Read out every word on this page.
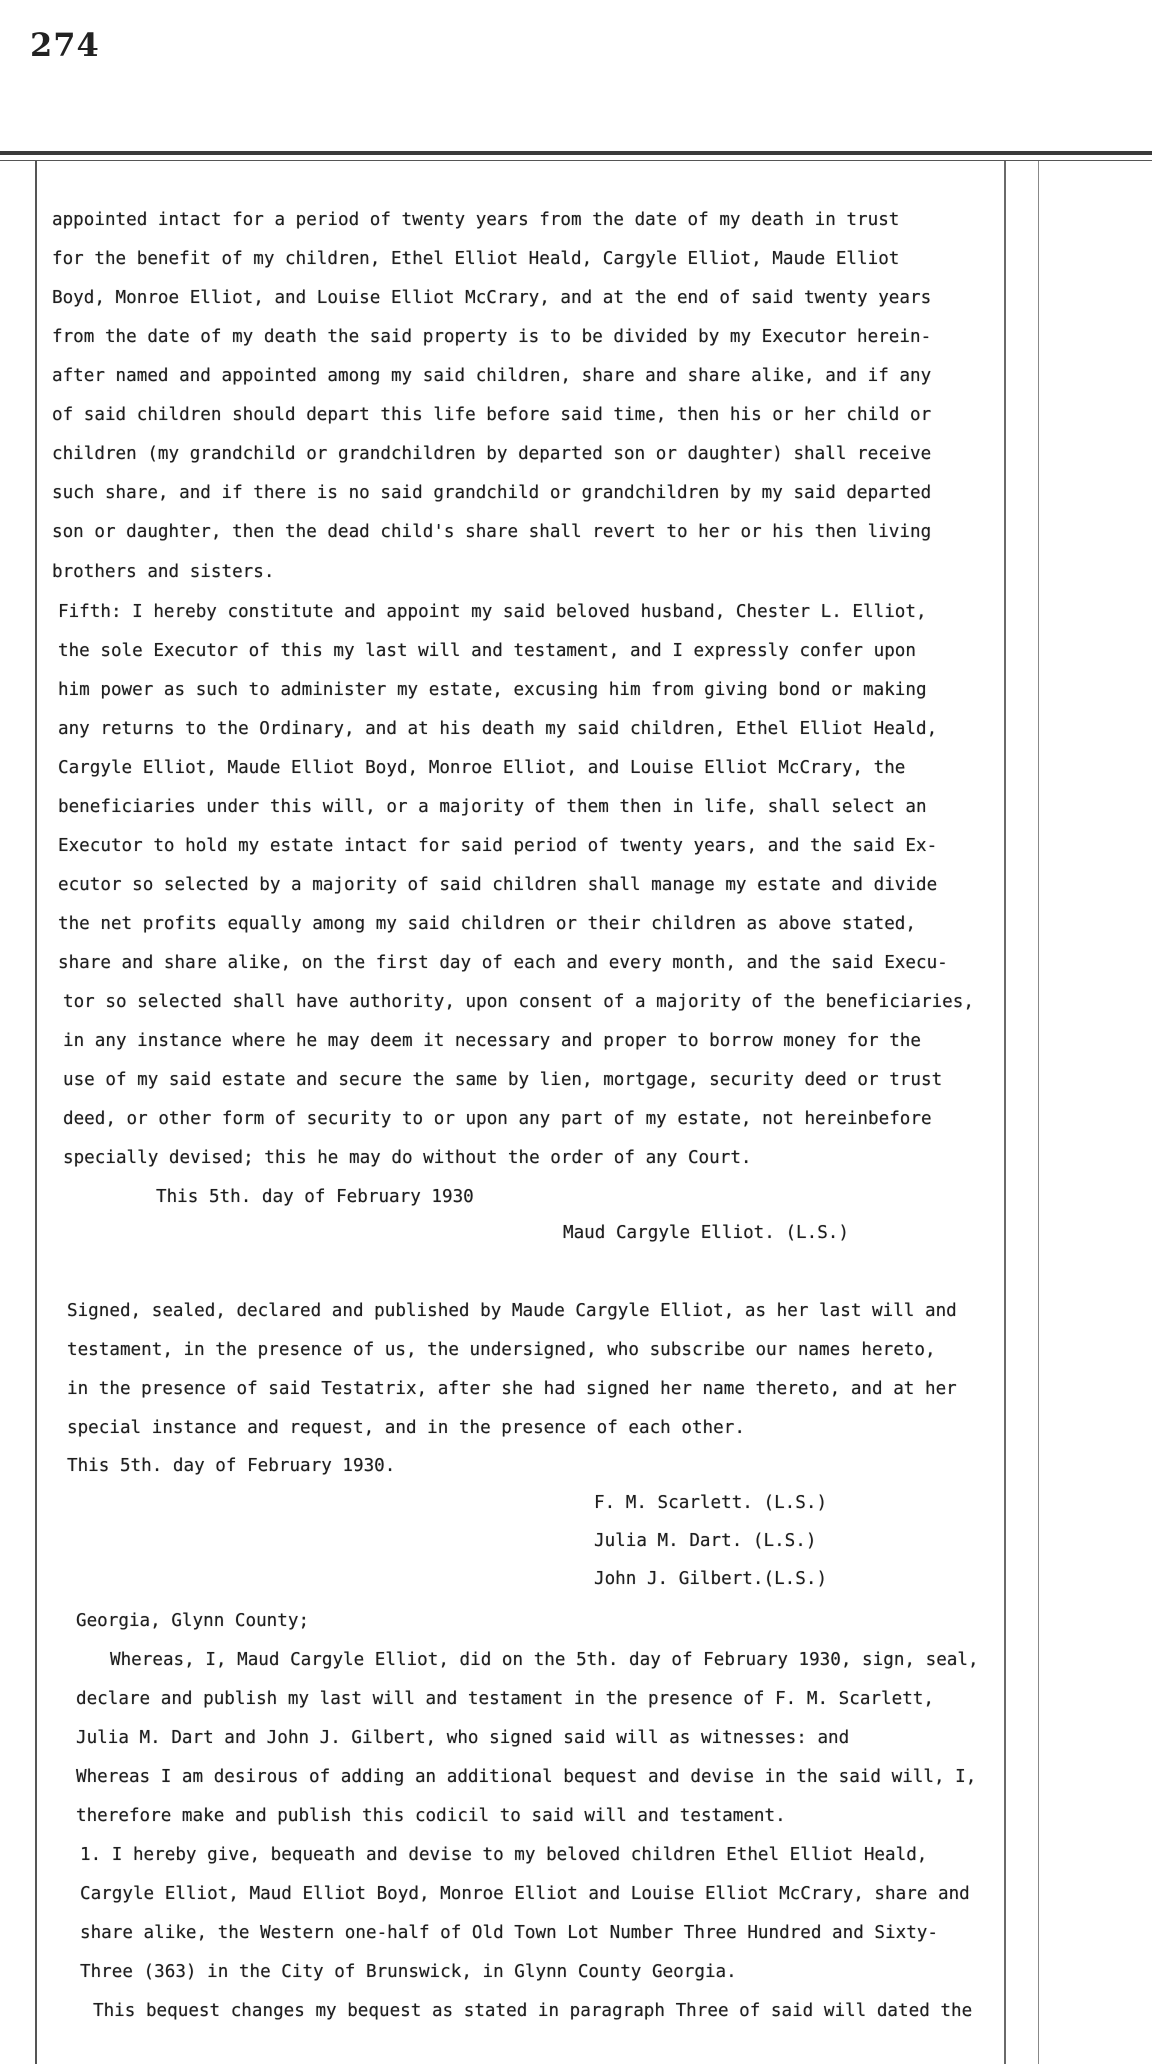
274
appointed intact for a period of twenty years from the date of my death in trust
for the benefit of my children, Ethel Elliot Heald, Cargyle Elliot, Maude Elliot
Boyd, Monroe Elliot, and Louise Elliot McCrary, and at the end of said twenty years
from the date of my death the said property is to be divided by my Executor herein-
after named and appointed among my said children, share and share alike, and if any
of said children should depart this life before said time, then his or her child or
children (my grandchild or grandchildren by departed son or daughter) shall receive
such share, and if there is no said grandchild or grandchildren by my said departed
son or daughter, then the dead child's share shall revert to her or his then living
brothers and sisters.
Fifth: I hereby constitute and appoint my said beloved husband, Chester L. Elliot,
the sole Executor of this my last will and testament, and I expressly confer upon
him power as such to administer my estate, excusing him from giving bond or making
any returns to the Ordinary, and at his death my said children, Ethel Elliot Heald,
Cargyle Elliot, Maude Elliot Boyd, Monroe Elliot, and Louise Elliot McCrary, the
beneficiaries under this will, or a majority of them then in life, shall select an
Executor to hold my estate intact for said period of twenty years, and the said Ex-
ecutor so selected by a majority of said children shall manage my estate and divide
the net profits equally among my said children or their children as above stated,
share and share alike, on the first day of each and every month, and the said Execu-
tor so selected shall have authority, upon consent of a majority of the beneficiaries,
in any instance where he may deem it necessary and proper to borrow money for the
use of my said estate and secure the same by lien, mortgage, security deed or trust
deed, or other form of security to or upon any part of my estate, not hereinbefore
specially devised; this he may do without the order of any Court.
This 5th. day of February 1930
Maud Cargyle Elliot. (L.S.)
Signed, sealed, declared and published by Maude Cargyle Elliot, as her last will and
testament, in the presence of us, the undersigned, who subscribe our names hereto,
in the presence of said Testatrix, after she had signed her name thereto, and at her
special instance and request, and in the presence of each other.
This 5th. day of February 1930.
F. M. Scarlett. (L.S.)
Julia M. Dart. (L.S.)
John J. Gilbert.(L.S.)
Georgia, Glynn County;
Whereas, I, Maud Cargyle Elliot, did on the 5th. day of February 1930, sign, seal,
declare and publish my last will and testament in the presence of F. M. Scarlett,
Julia M. Dart and John J. Gilbert, who signed said will as witnesses: and
Whereas I am desirous of adding an additional bequest and devise in the said will, I,
therefore make and publish this codicil to said will and testament.
1. I hereby give, bequeath and devise to my beloved children Ethel Elliot Heald,
Cargyle Elliot, Maud Elliot Boyd, Monroe Elliot and Louise Elliot McCrary, share and
share alike, the Western one-half of Old Town Lot Number Three Hundred and Sixty-
Three (363) in the City of Brunswick, in Glynn County Georgia.
This bequest changes my bequest as stated in paragraph Three of said will dated the
